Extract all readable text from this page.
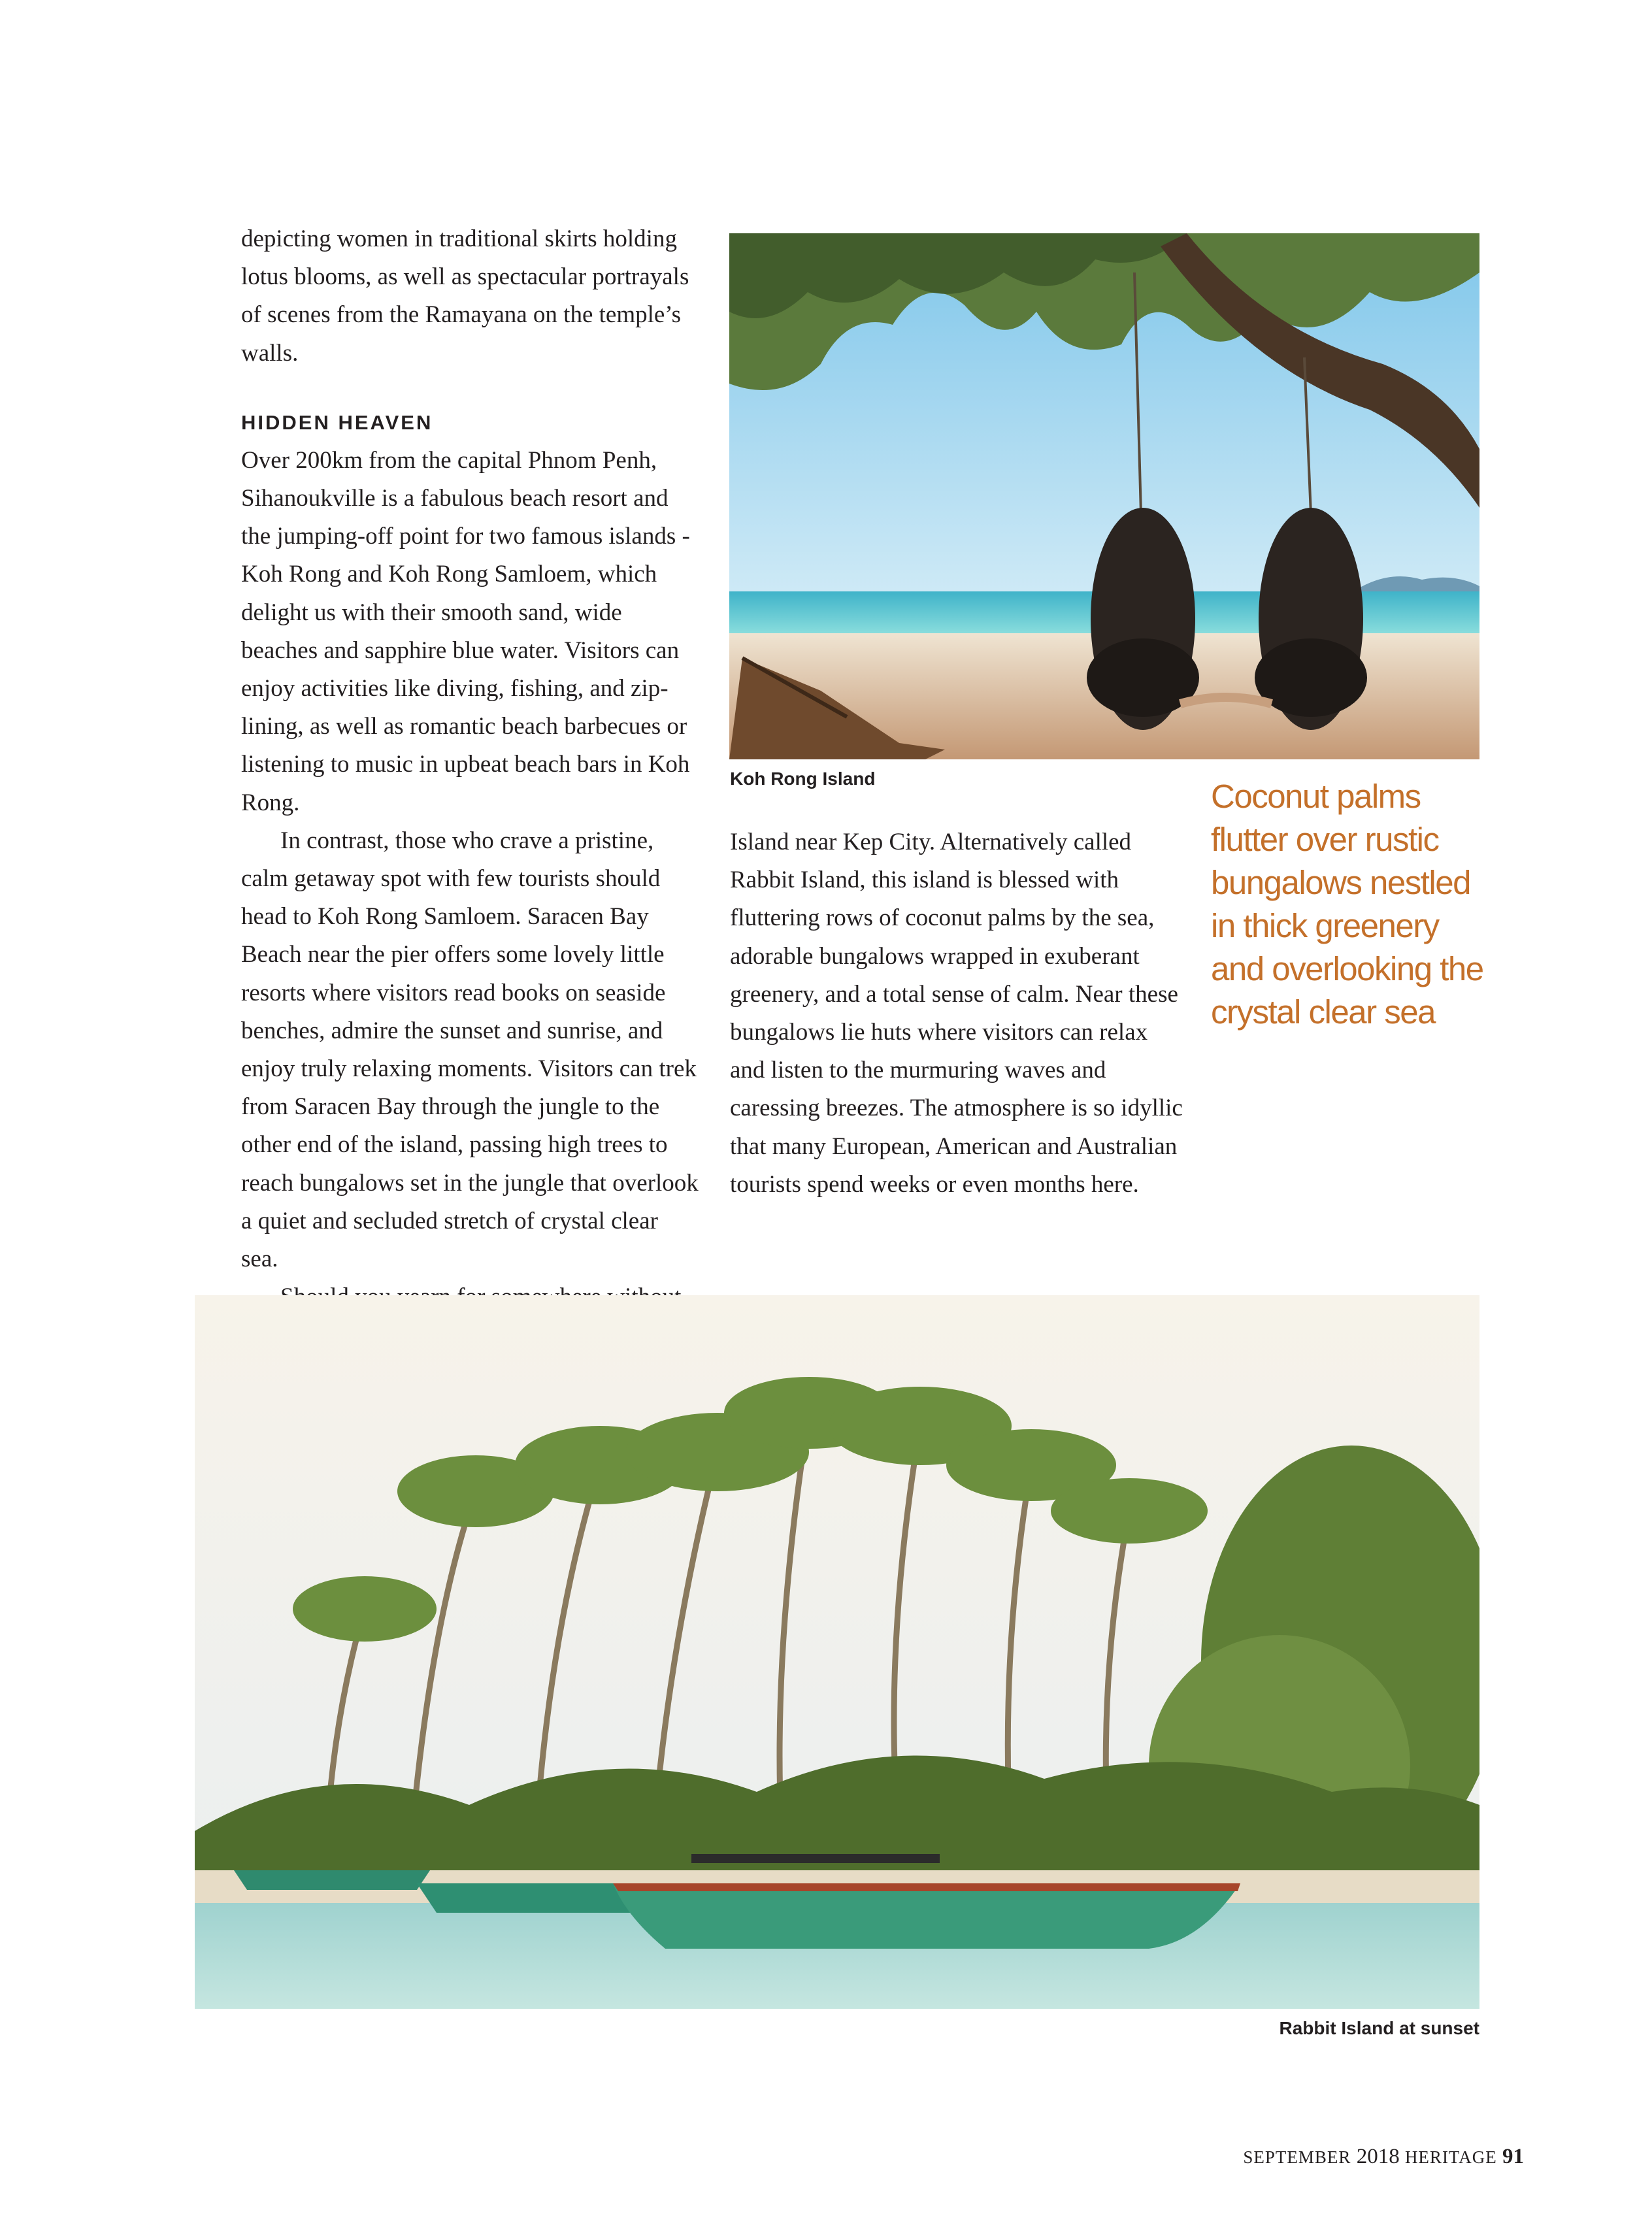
depicting women in traditional skirts holding lotus blooms, as well as spectacular portrayals of scenes from the Ramayana on the temple’s walls.

HIDDEN HEAVEN

Over 200km from the capital Phnom Penh, Sihanoukville is a fabulous beach resort and the jumping-off point for two famous islands - Koh Rong and Koh Rong Samloem, which delight us with their smooth sand, wide beaches and sapphire blue water. Visitors can enjoy activities like diving, fishing, and zip-lining, as well as romantic beach barbecues or listening to music in upbeat beach bars in Koh Rong.

In contrast, those who crave a pristine, calm getaway spot with few tourists should head to Koh Rong Samloem. Saracen Bay Beach near the pier offers some lovely little resorts where visitors read books on seaside benches, admire the sunset and sunrise, and enjoy truly relaxing moments. Visitors can trek from Saracen Bay through the jungle to the other end of the island, passing high trees to reach bungalows set in the jungle that overlook a quiet and secluded stretch of crystal clear sea.

Koh Rong Island	Coconut palms flutter over rustic bungalows nestled in thick greenery and overlooking the crystal clear sea

Island near Kep City. Alternatively called Rabbit Island, this island is blessed with fluttering rows of coconut palms by the sea, adorable bungalows wrapped in exuberant greenery, and a total sense of calm. Near these bungalows lie huts where visitors can relax and listen to the murmuring waves and caressing breezes. The atmosphere is so idyllic that many European, American and Australian tourists spend weeks or even months here.

Rabbit Island at sunset
SEPTEMBER 2018 HERITAGE 91
